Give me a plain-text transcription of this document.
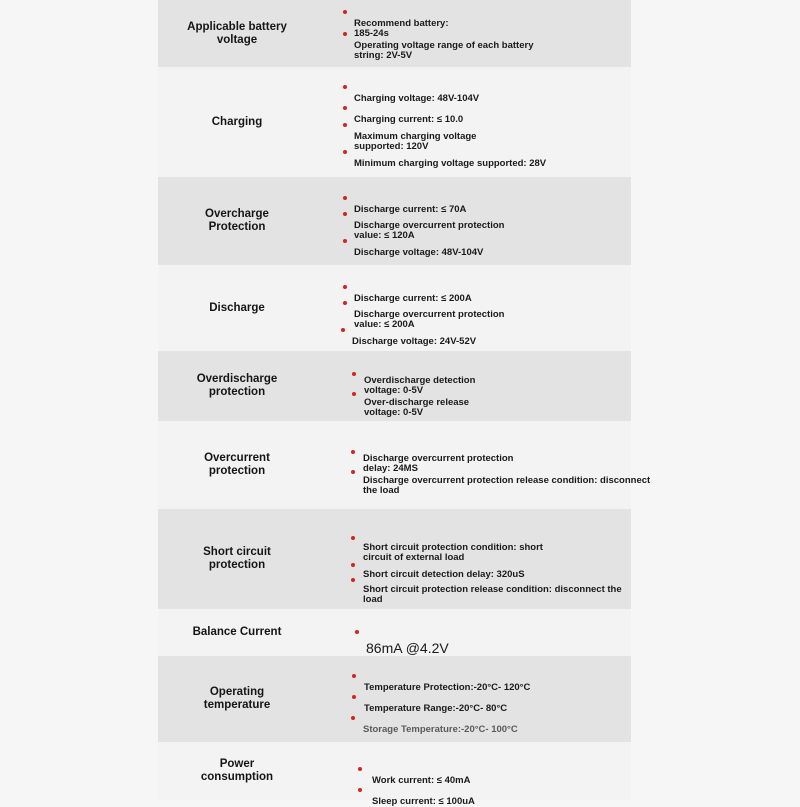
Applicable battery
voltage

Recommend battery:
185-24s

Operating voltage range of each battery
string: 2V-5V

Charging

Charging voltage: 48V-104V

Charging current: ≤ 10.0

Maximum charging voltage
supported: 120V

Minimum charging voltage supported: 28V

Overcharge
Protection

Discharge current: ≤ 70A

Discharge overcurrent protection
value: ≤ 120A

Discharge voltage: 48V-104V

Discharge

Discharge current: ≤ 200A

Discharge overcurrent protection
value: ≤ 200A

Discharge voltage: 24V-52V

Overdischarge
protection

Overdischarge detection
voltage: 0-5V

Over-discharge release
voltage: 0-5V

Overcurrent
protection

Discharge overcurrent protection
delay: 24MS

Discharge overcurrent protection release condition: disconnect
the load

Short circuit
protection

Short circuit protection condition: short
circuit of external load

Short circuit detection delay: 320uS

Short circuit protection release condition: disconnect the
load

Balance Current

86mA @4.2V

Operating
temperature

Temperature Protection:-20°C- 120°C

Temperature Range:-20°C- 80°C

Storage Temperature:-20°C- 100°C

Power
consumption	Work current: ≤ 40mA

Sleep current: ≤ 100uA
